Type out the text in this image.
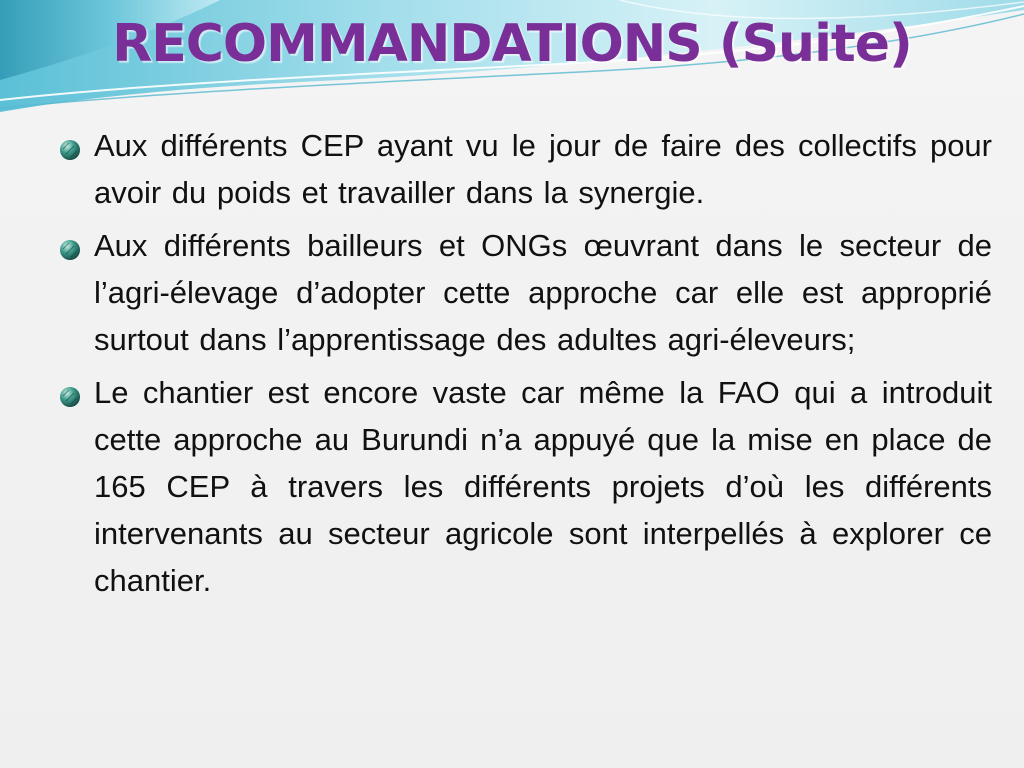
RECOMMANDATIONS (Suite)
Aux différents CEP ayant vu le jour de faire des collectifs pour avoir du poids et travailler dans la synergie.
Aux différents bailleurs et ONGs œuvrant dans le secteur de l’agri-élevage d’adopter cette approche car elle est approprié surtout dans l’apprentissage des adultes agri-éleveurs;
Le chantier est encore vaste car même la FAO qui a introduit cette approche au Burundi n’a appuyé que la mise en place de 165 CEP à travers les différents projets d’où les différents intervenants au secteur agricole sont interpellés à explorer ce chantier.
